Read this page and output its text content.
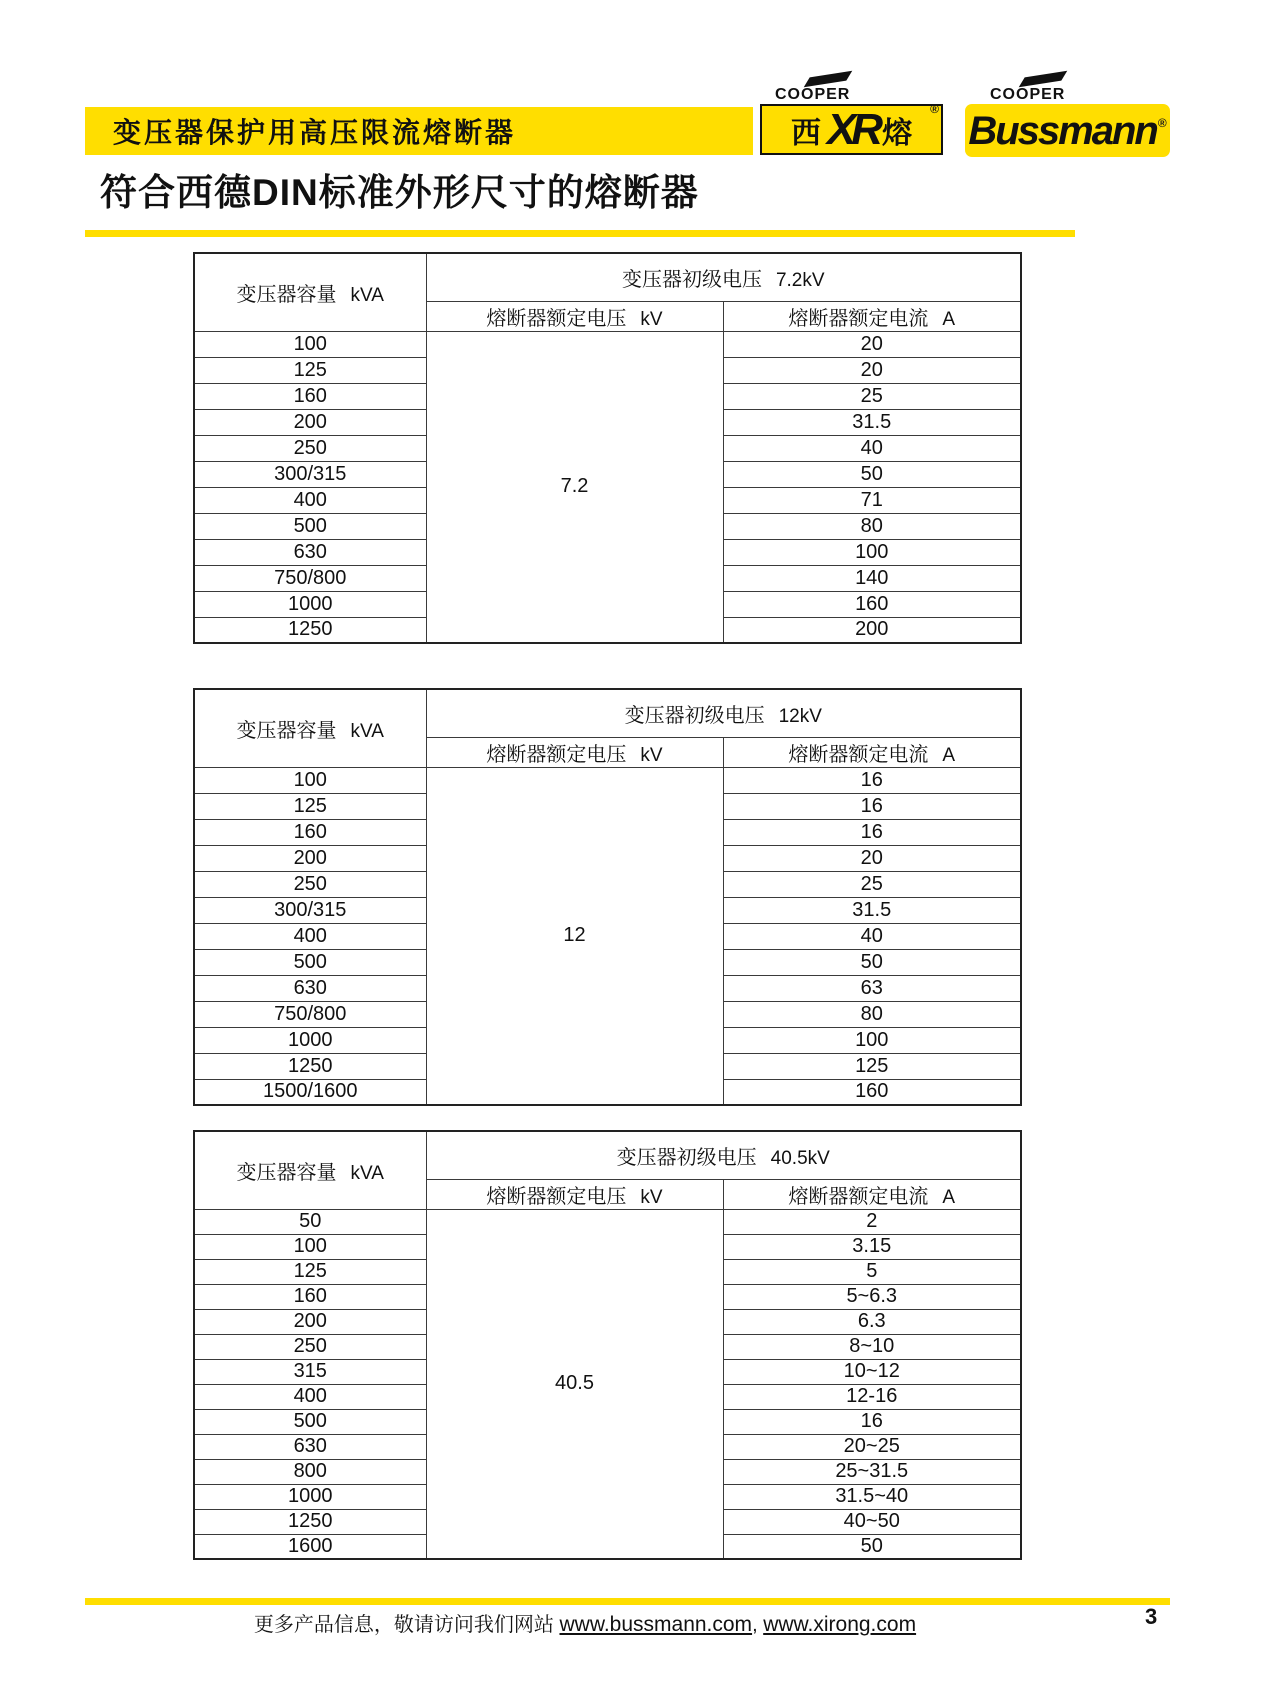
变压器保护用高压限流熔断器
COOPER
西 XR 熔
®
COOPER
Bussmann ®
符合西德DIN标准外形尺寸的熔断器
变压器容量 kVA	变压器初级电压 7.2kV	
	熔断器额定电压 kV	熔断器额定电流 A
100	7.2	20
125		20
160		25
200		31.5
250		40
300/315		50
400		71
500		80
630		100
750/800		140
1000		160
1250		200
变压器容量 kVA	变压器初级电压 12kV	
	熔断器额定电压 kV	熔断器额定电流 A
100	12	16
125		16
160		16
200		20
250		25
300/315		31.5
400		40
500		50
630		63
750/800		80
1000		100
1250		125
1500/1600		160
变压器容量 kVA	变压器初级电压 40.5kV	
	熔断器额定电压 kV	熔断器额定电流 A
50	40.5	2
100		3.15
125		5
160		5~6.3
200		6.3
250		8~10
315		10~12
400		12-16
500		16
630		20~25
800		25~31.5
1000		31.5~40
1250		40~50
1600		50
更多产品信息，敬请访问我们网站 www.bussmann.com, www.xirong.com	3
